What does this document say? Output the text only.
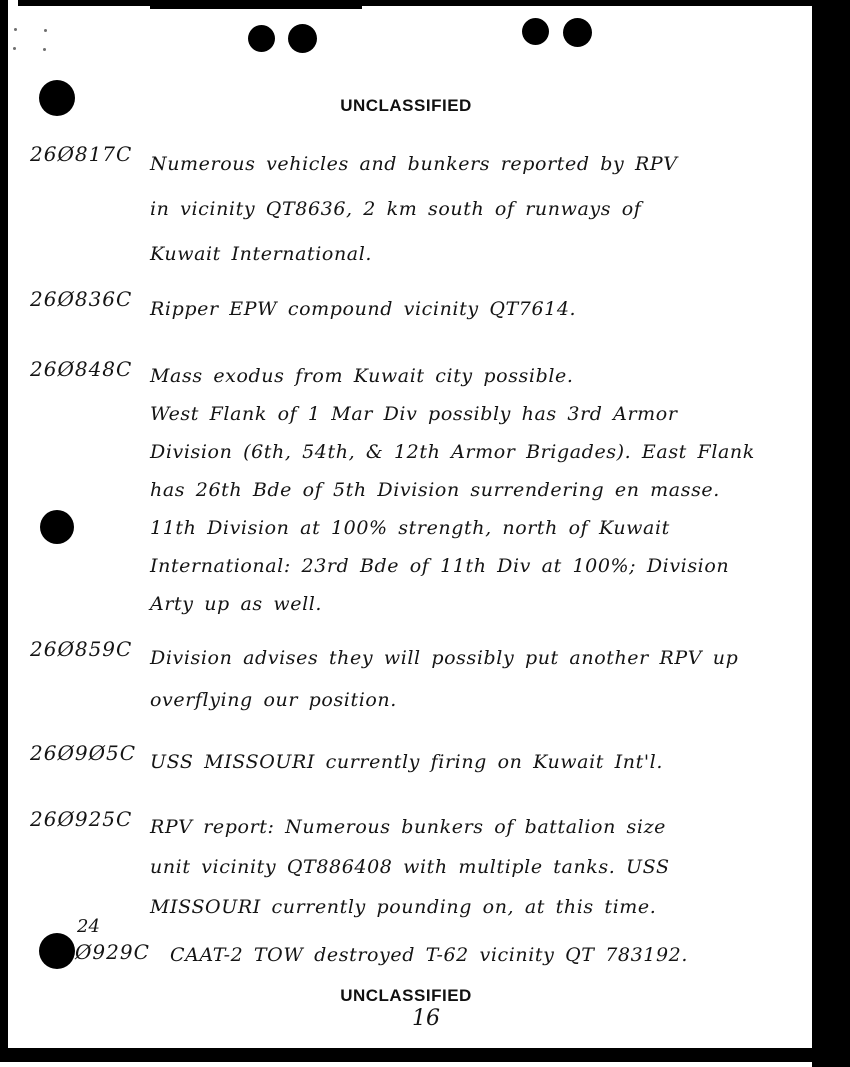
UNCLASSIFIED
26Ø817C Numerous vehicles and bunkers reported by RPV
in vicinity QT8636, 2 km south of runways of
Kuwait International.
26Ø836C Ripper EPW compound vicinity QT7614.
26Ø848C Mass exodus from Kuwait city possible.
West Flank of 1 Mar Div possibly has 3rd Armor
Division (6th, 54th, & 12th Armor Brigades). East Flank
has 26th Bde of 5th Division surrendering en masse.
11th Division at 100% strength, north of Kuwait
International: 23rd Bde of 11th Div at 100%; Division
Arty up as well.
26Ø859C Division advises they will possibly put another RPV up
overflying our position.
26Ø9Ø5C USS MISSOURI currently firing on Kuwait Int'l.
26Ø925C RPV report: Numerous bunkers of battalion size
unit vicinity QT886408 with multiple tanks. USS
MISSOURI currently pounding on, at this time.
24
Ø929C	CAAT-2 TOW destroyed T-62 vicinity QT 783192.
UNCLASSIFIED
16
